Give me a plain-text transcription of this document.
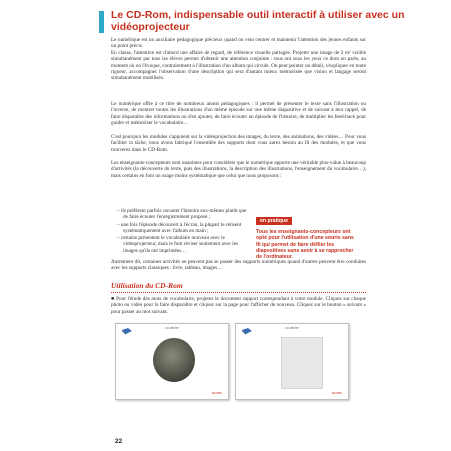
Le CD-Rom, indispensable outil interactif à utiliser avec un vidéoprojecteur
Le numérique est un auxiliaire pédagogique précieux quand on veut centrer et maintenir l'attention des jeunes enfants sur un point précis.
En classe, l'attention est d'abord une affaire de regard, de référence visuelle partagée. Projeter une image de 2 m² visible simultanément par tous les élèves permet d'obtenir une attention conjointe : tous ont sous les yeux ce dont on parle, au moment où on l'évoque, contrairement à l'illustration d'un album qui circule. On peut pointer un détail, s'expliquer en toute rigueur, accompagner l'observation d'une description qui sera d'autant mieux mémorisée que vision et langage seront simultanément mobilisés.
Le numérique offre à ce titre de nombreux atouts pédagogiques : il permet de présenter le texte sans l'illustration ou l'inverse, de montrer toutes les illustrations d'un même épisode sur une même diapositive et de suivant à leur rappel, de faire disparaître des informations ou d'en ajouter, de faire écouter un épisode de l'histoire, de multiplier les feed-back pour guider et mémoriser le vocabulaire…
C'est pourquoi les modules s'appuient sur la vidéoprojection des images, du texte, des animations, des vidéos… Pour vous faciliter la tâche, nous avons fabriqué l'ensemble des supports dont vous aurez besoin au fil des modules, et que vous trouverez dans le CD-Rom.
Les enseignants-concepteurs sont unanimes pour considérer que le numérique apporte une véritable plus-value à beaucoup d'activités (la découverte du texte, puis des illustrations, la description des illustrations, l'enseignement du vocabulaire…), mais certains en font un usage moins systématique que celui que nous proposons :
– ils préfèrent parfois raconter l'histoire eux-mêmes plutôt que de faire écouter l'enregistrement proposé ;
– une fois l'épisode découvert à l'écran, la plupart le relisent systématiquement avec l'album en main ;
– certains présentent le vocabulaire nouveau avec le vidéoprojecteur, mais le font réviser seulement avec les images qu'ils ont imprimées…
en pratique
Tous les enseignants-concepteurs ont opté pour l'utilisation d'une souris sans fil qui permet de faire défiler les diapositives sans avoir à se rapprocher de l'ordinateur.
Autrement dit, certaines activités ne peuvent pas se passer des supports numériques quand d'autres peuvent être conduites avec les supports classiques : livre, tableau, images…
Utilisation du CD-Rom
■ Pour l'étude des mots de vocabulaire, projetez le document support correspondant à votre module. Cliquez sur chaque photo ou vidéo pour la faire disparaître et cliquez sur la page pour l'afficher de nouveau. Cliquez sur le bouton « suivant » pour passer au mot suivant.
un denier
suivant
un denier
suivant
22
